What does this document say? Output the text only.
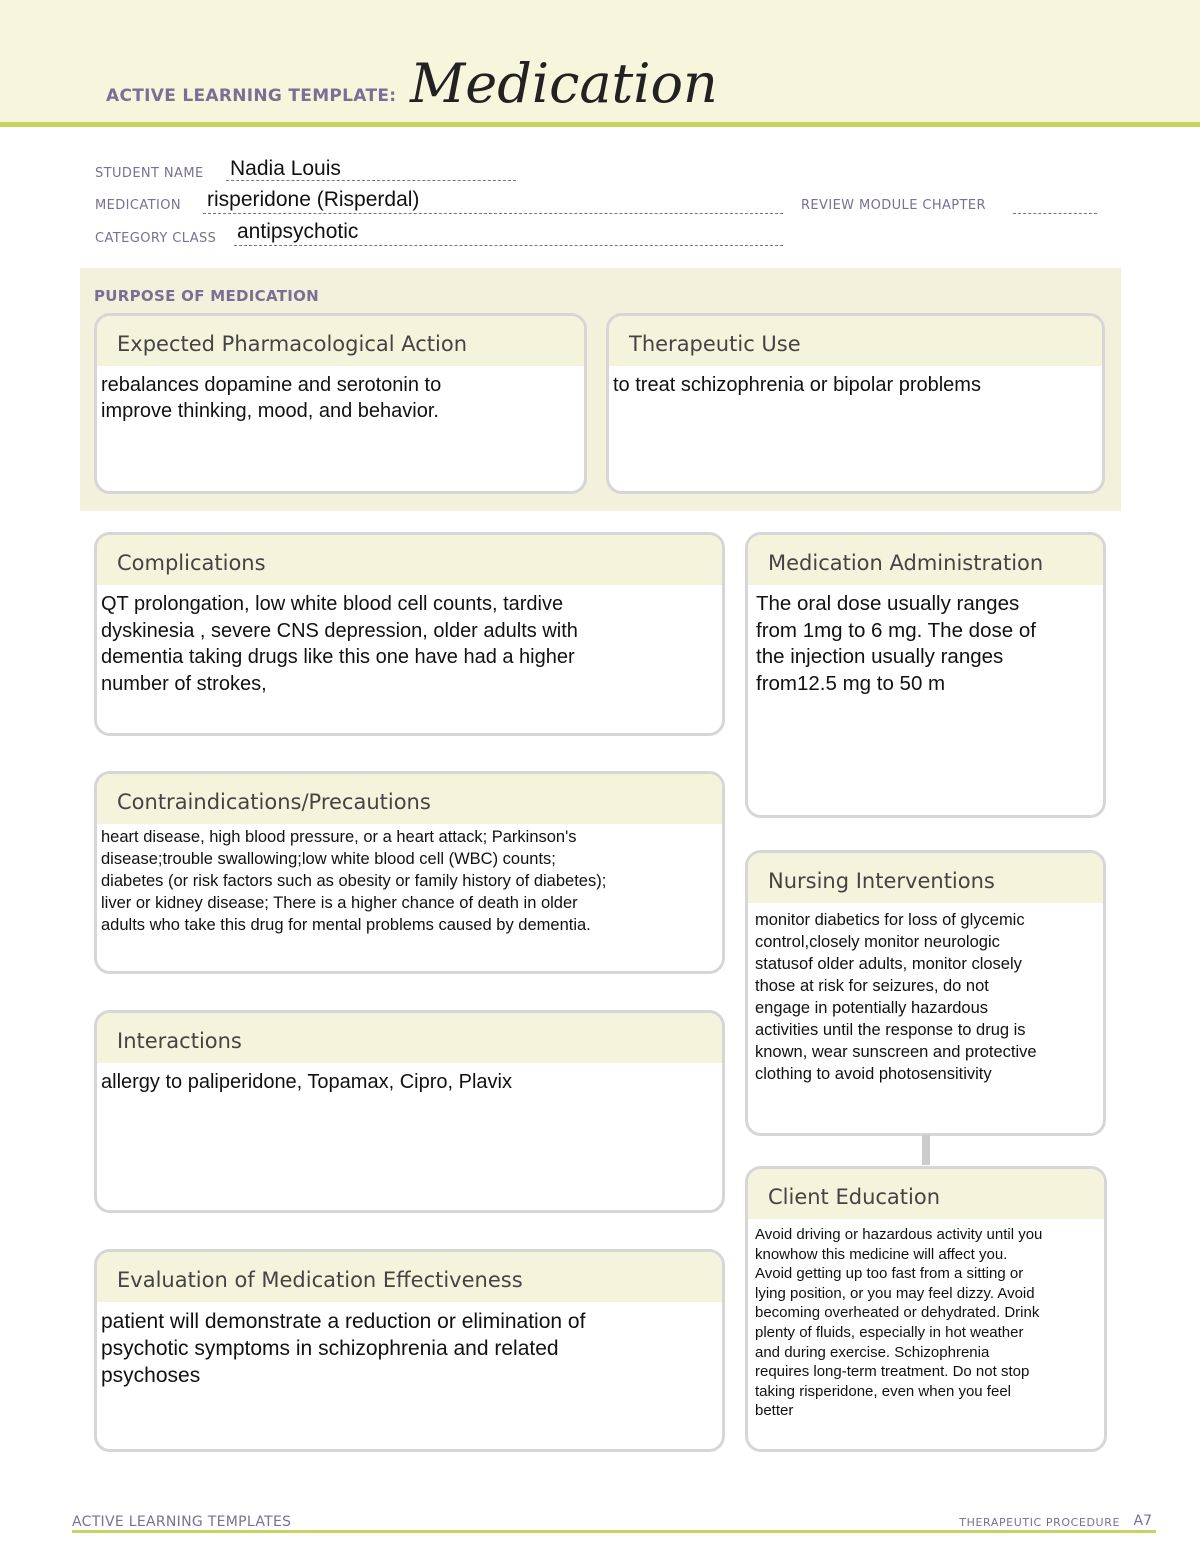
ACTIVE LEARNING TEMPLATE: Medication
STUDENT NAME Nadia Louis
MEDICATION risperidone (Risperdal)	REVIEW MODULE CHAPTER
CATEGORY CLASS antipsychotic
PURPOSE OF MEDICATION
Expected Pharmacological Action
rebalances dopamine and serotonin to
improve thinking, mood, and behavior.
Therapeutic Use
to treat schizophrenia or bipolar problems
Complications
QT prolongation, low white blood cell counts, tardive
dyskinesia , severe CNS depression, older adults with
dementia taking drugs like this one have had a higher
number of strokes,
Contraindications/Precautions
heart disease, high blood pressure, or a heart attack; Parkinson's
disease;trouble swallowing;low white blood cell (WBC) counts;
diabetes (or risk factors such as obesity or family history of diabetes);
liver or kidney disease; There is a higher chance of death in older
adults who take this drug for mental problems caused by dementia.
Interactions
allergy to paliperidone, Topamax, Cipro, Plavix
Evaluation of Medication Effectiveness
patient will demonstrate a reduction or elimination of
psychotic symptoms in schizophrenia and related
psychoses
Medication Administration
The oral dose usually ranges
from 1mg to 6 mg. The dose of
the injection usually ranges
from12.5 mg to 50 m
Nursing Interventions
monitor diabetics for loss of glycemic
control,closely monitor neurologic
statusof older adults, monitor closely
those at risk for seizures, do not
engage in potentially hazardous
activities until the response to drug is
known, wear sunscreen and protective
clothing to avoid photosensitivity
Client Education
Avoid driving or hazardous activity until you
knowhow this medicine will affect you.
Avoid getting up too fast from a sitting or
lying position, or you may feel dizzy. Avoid
becoming overheated or dehydrated. Drink
plenty of fluids, especially in hot weather
and during exercise. Schizophrenia
requires long-term treatment. Do not stop
taking risperidone, even when you feel
better
ACTIVE LEARNING TEMPLATES	THERAPEUTIC PROCEDURE A7
